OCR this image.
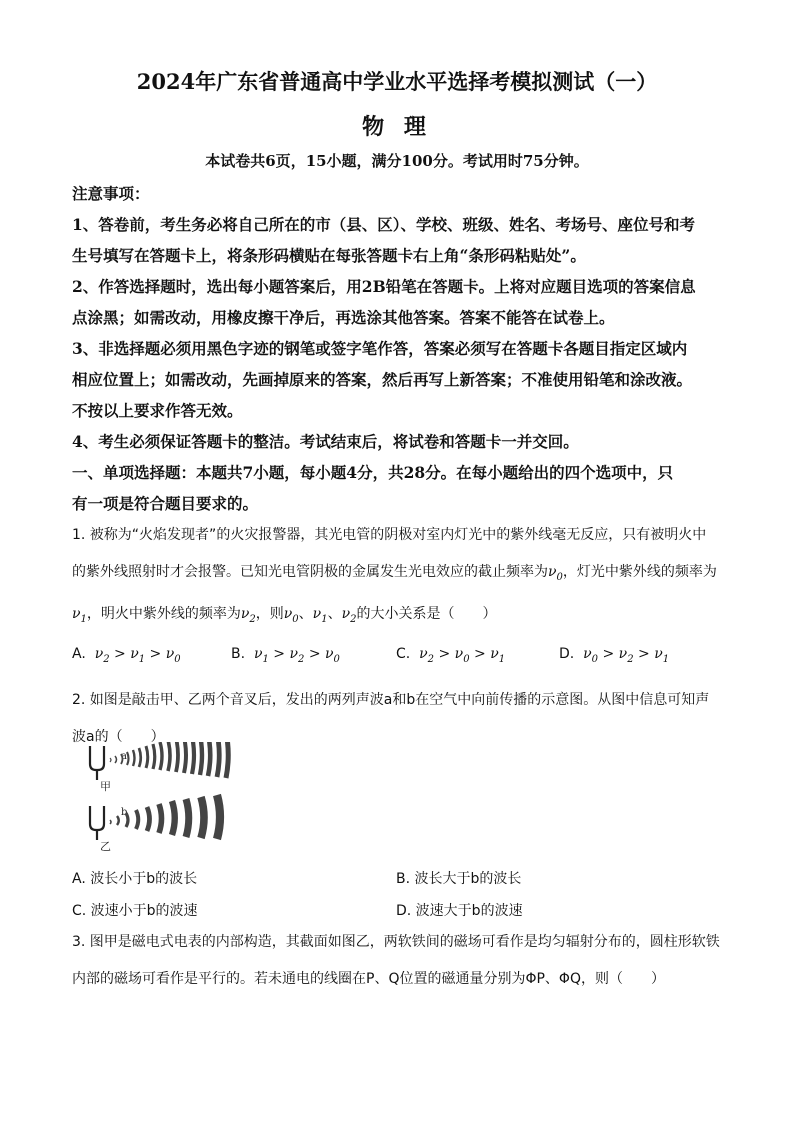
2024年广东省普通高中学业水平选择考模拟测试（一）
物 理
本试卷共6页，15小题，满分100分。考试用时75分钟。
注意事项：
1、答卷前，考生务必将自己所在的市（县、区）、学校、班级、姓名、考场号、座位号和考
生号填写在答题卡上，将条形码横贴在每张答题卡右上角“条形码粘贴处”。
2、作答选择题时，选出每小题答案后，用2B铅笔在答题卡。上将对应题目选项的答案信息
点涂黑；如需改动，用橡皮擦干净后，再选涂其他答案。答案不能答在试卷上。
3、非选择题必须用黑色字迹的钢笔或签字笔作答，答案必须写在答题卡各题目指定区域内
相应位置上；如需改动，先画掉原来的答案，然后再写上新答案；不准使用铅笔和涂改液。
不按以上要求作答无效。
4、考生必须保证答题卡的整洁。考试结束后，将试卷和答题卡一并交回。
一、单项选择题：本题共7小题，每小题4分，共28分。在每小题给出的四个选项中，只
有一项是符合题目要求的。
1. 被称为“火焰发现者”的火灾报警器，其光电管的阴极对室内灯光中的紫外线毫无反应，只有被明火中
的紫外线照射时才会报警。已知光电管阴极的金属发生光电效应的截止频率为$\nu_0$，灯光中紫外线的频率为
$\nu_1$，明火中紫外线的频率为$\nu_2$，则$\nu_0$、$\nu_1$、$\nu_2$的大小关系是（　　）
A. $\nu_2 > \nu_1 > \nu_0$	B. $\nu_1 > \nu_2 > \nu_0$	C. $\nu_2 > \nu_0 > \nu_1$	D. $\nu_0 > \nu_2 > \nu_1$
2. 如图是敲击甲、乙两个音叉后，发出的两列声波a和b在空气中向前传播的示意图。从图中信息可知声
波a的（　　）
甲
a
乙
b
A. 波长小于b的波长	B. 波长大于b的波长
C. 波速小于b的波速	D. 波速大于b的波速
3. 图甲是磁电式电表的内部构造，其截面如图乙，两软铁间的磁场可看作是均匀辐射分布的，圆柱形软铁
内部的磁场可看作是平行的。若未通电的线圈在P、Q位置的磁通量分别为ΦP、ΦQ，则（　　）
